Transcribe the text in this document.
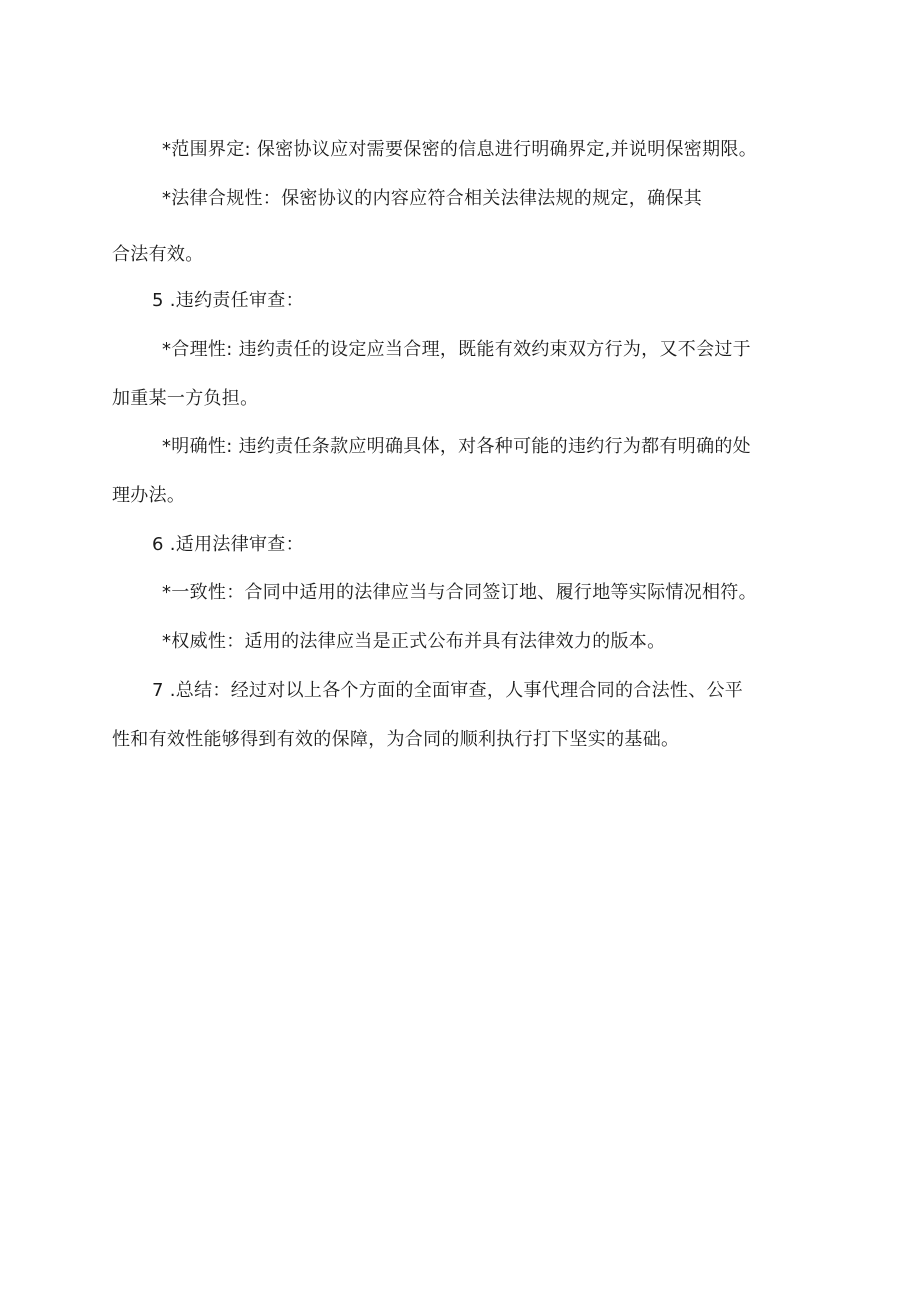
*范围界定: 保密协议应对需要保密的信息进行明确界定,并说明保密期限。
*法律合规性：保密协议的内容应符合相关法律法规的规定，确保其
合法有效。
5 .违约责任审查：
*合理性: 违约责任的设定应当合理，既能有效约束双方行为，又不会过于
加重某一方负担。
*明确性: 违约责任条款应明确具体，对各种可能的违约行为都有明确的处
理办法。
6 .适用法律审查：
*一致性：合同中适用的法律应当与合同签订地、履行地等实际情况相符。
*权威性：适用的法律应当是正式公布并具有法律效力的版本。
7 .总结：经过对以上各个方面的全面审查，人事代理合同的合法性、公平
性和有效性能够得到有效的保障，为合同的顺利执行打下坚实的基础。
